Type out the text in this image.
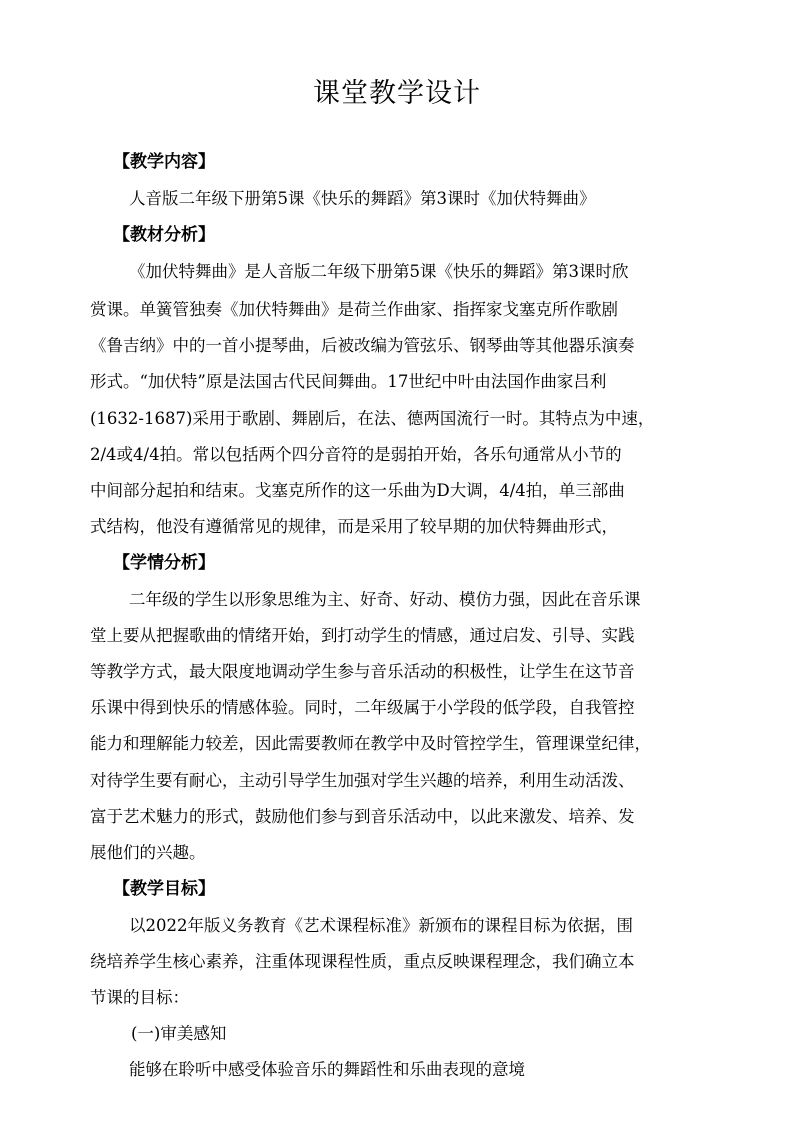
课堂教学设计
【教学内容】
人音版二年级下册第5课《快乐的舞蹈》第3课时《加伏特舞曲》
【教材分析】
《加伏特舞曲》是人音版二年级下册第5课《快乐的舞蹈》第3课时欣
赏课。单簧管独奏《加伏特舞曲》是荷兰作曲家、指挥家戈塞克所作歌剧
《鲁吉纳》中的一首小提琴曲，后被改编为管弦乐、钢琴曲等其他器乐演奏
形式。“加伏特”原是法国古代民间舞曲。17世纪中叶由法国作曲家吕利
(1632-1687)采用于歌剧、舞剧后，在法、德两国流行一时。其特点为中速，
2/4或4/4拍。常以包括两个四分音符的是弱拍开始，各乐句通常从小节的
中间部分起拍和结束。戈塞克所作的这一乐曲为D大调，4/4拍，单三部曲
式结构，他没有遵循常见的规律，而是采用了较早期的加伏特舞曲形式，
【学情分析】
二年级的学生以形象思维为主、好奇、好动、模仿力强，因此在音乐课
堂上要从把握歌曲的情绪开始，到打动学生的情感，通过启发、引导、实践
等教学方式，最大限度地调动学生参与音乐活动的积极性，让学生在这节音
乐课中得到快乐的情感体验。同时，二年级属于小学段的低学段，自我管控
能力和理解能力较差，因此需要教师在教学中及时管控学生，管理课堂纪律，
对待学生要有耐心，主动引导学生加强对学生兴趣的培养，利用生动活泼、
富于艺术魅力的形式，鼓励他们参与到音乐活动中，以此来激发、培养、发
展他们的兴趣。
【教学目标】
以2022年版义务教育《艺术课程标准》新颁布的课程目标为依据，围
绕培养学生核心素养，注重体现课程性质，重点反映课程理念，我们确立本
节课的目标：
(一)审美感知
能够在聆听中感受体验音乐的舞蹈性和乐曲表现的意境
